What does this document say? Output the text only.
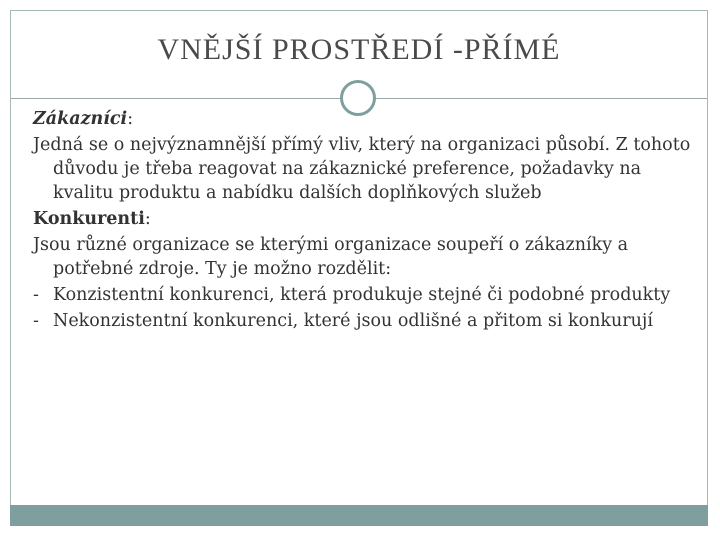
VNĚJŠÍ PROSTŘEDÍ -PŘÍMÉ
Zákazníci:
Jedná se o nejvýznamnější přímý vliv, který na organizaci působí. Z tohoto důvodu je třeba reagovat na zákaznické preference, požadavky na kvalitu produktu a nabídku dalších doplňkových služeb
Konkurenti:
Jsou různé organizace se kterými organizace soupeří o zákazníky a potřebné zdroje. Ty je možno rozdělit:
- Konzistentní konkurenci, která produkuje stejné či podobné produkty
- Nekonzistentní konkurenci, které jsou odlišné a přitom si konkurují
